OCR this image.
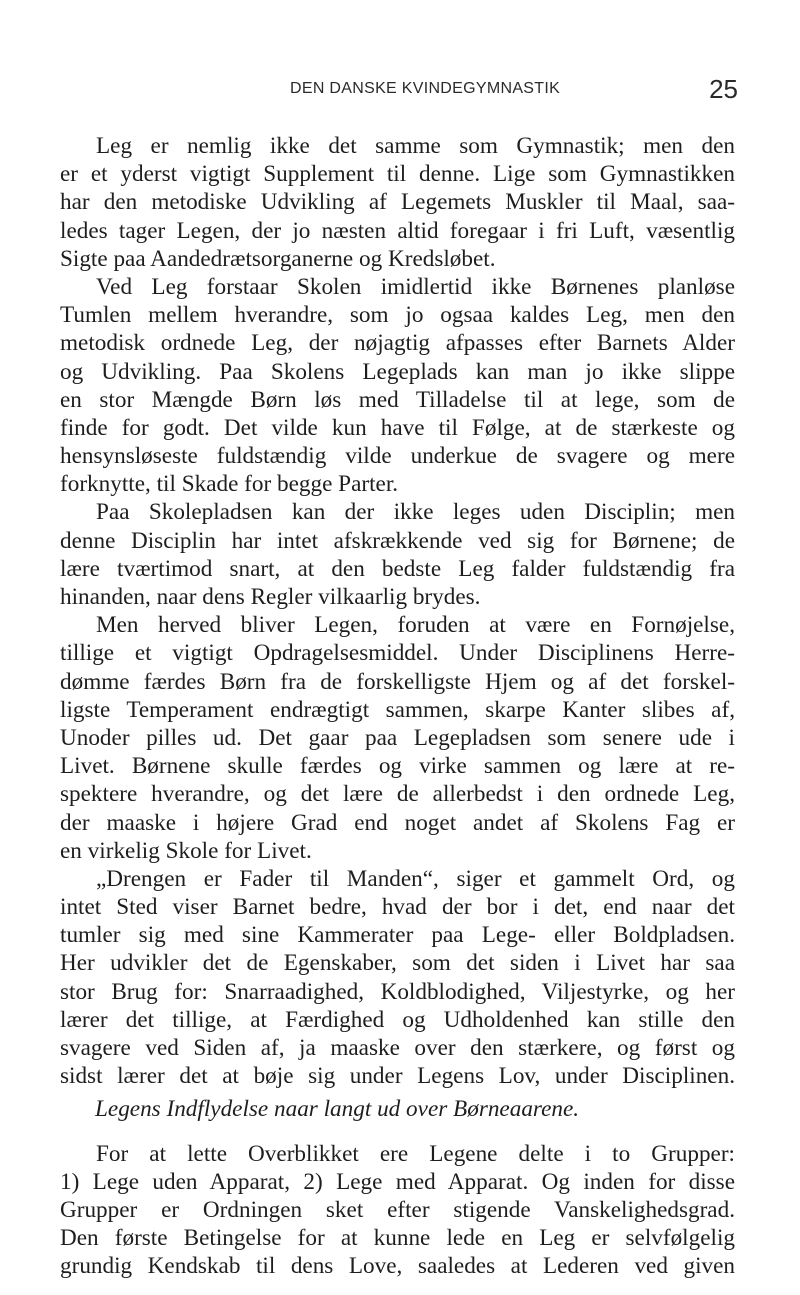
DEN DANSKE KVINDEGYMNASTIK	25
Leg er nemlig ikke det samme som Gymnastik; men den
er et yderst vigtigt Supplement til denne. Lige som Gymnastikken
har den metodiske Udvikling af Legemets Muskler til Maal, saa-
ledes tager Legen, der jo næsten altid foregaar i fri Luft, væsentlig
Sigte paa Aandedrætsorganerne og Kredsløbet.
Ved Leg forstaar Skolen imidlertid ikke Børnenes planløse
Tumlen mellem hverandre, som jo ogsaa kaldes Leg, men den
metodisk ordnede Leg, der nøjagtig afpasses efter Barnets Alder
og Udvikling. Paa Skolens Legeplads kan man jo ikke slippe
en stor Mængde Børn løs med Tilladelse til at lege, som de
finde for godt. Det vilde kun have til Følge, at de stærkeste og
hensynsløseste fuldstændig vilde underkue de svagere og mere
forknytte, til Skade for begge Parter.
Paa Skolepladsen kan der ikke leges uden Disciplin; men
denne Disciplin har intet afskrækkende ved sig for Børnene; de
lære tværtimod snart, at den bedste Leg falder fuldstændig fra
hinanden, naar dens Regler vilkaarlig brydes.
Men herved bliver Legen, foruden at være en Fornøjelse,
tillige et vigtigt Opdragelsesmiddel. Under Disciplinens Herre-
dømme færdes Børn fra de forskelligste Hjem og af det forskel-
ligste Temperament endrægtigt sammen, skarpe Kanter slibes af,
Unoder pilles ud. Det gaar paa Legepladsen som senere ude i
Livet. Børnene skulle færdes og virke sammen og lære at re-
spektere hverandre, og det lære de allerbedst i den ordnede Leg,
der maaske i højere Grad end noget andet af Skolens Fag er
en virkelig Skole for Livet.
„Drengen er Fader til Manden“, siger et gammelt Ord, og
intet Sted viser Barnet bedre, hvad der bor i det, end naar det
tumler sig med sine Kammerater paa Lege- eller Boldpladsen.
Her udvikler det de Egenskaber, som det siden i Livet har saa
stor Brug for: Snarraadighed, Koldblodighed, Viljestyrke, og her
lærer det tillige, at Færdighed og Udholdenhed kan stille den
svagere ved Siden af, ja maaske over den stærkere, og først og
sidst lærer det at bøje sig under Legens Lov, under Disciplinen.
Legens Indflydelse naar langt ud over Børneaarene.
For at lette Overblikket ere Legene delte i to Grupper:
1) Lege uden Apparat, 2) Lege med Apparat. Og inden for disse
Grupper er Ordningen sket efter stigende Vanskelighedsgrad.
Den første Betingelse for at kunne lede en Leg er selvfølgelig
grundig Kendskab til dens Love, saaledes at Lederen ved given
